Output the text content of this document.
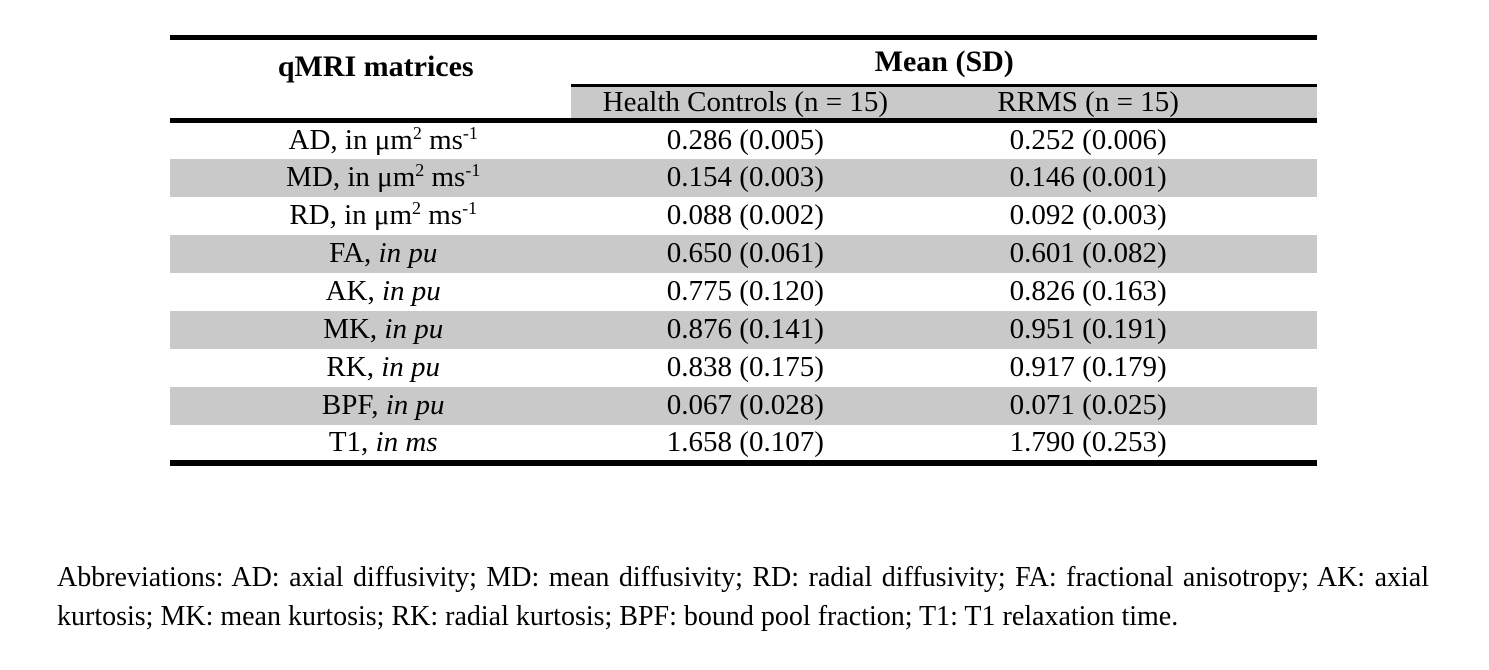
qMRI matrices	Mean (SD)	
	Health Controls (n = 15)	RRMS (n = 15)
AD, in $\mu m^2$ $ms^{-1}$	0.286 (0.005)	0.252 (0.006)
MD, in $\mu m^2$ $ms^{-1}$	0.154 (0.003)	0.146 (0.001)
RD, in $\mu m^2$ $ms^{-1}$	0.088 (0.002)	0.092 (0.003)
FA, in pu	0.650 (0.061)	0.601 (0.082)
AK, in pu	0.775 (0.120)	0.826 (0.163)
MK, in pu	0.876 (0.141)	0.951 (0.191)
RK, in pu	0.838 (0.175)	0.917 (0.179)
BPF, in pu	0.067 (0.028)	0.071 (0.025)
T1, in ms	1.658 (0.107)	1.790 (0.253)

Abbreviations: AD: axial diffusivity; MD: mean diffusivity; RD: radial diffusivity; FA: fractional anisotropy; AK: axial kurtosis; MK: mean kurtosis; RK: radial kurtosis; BPF: bound pool fraction; T1: T1 relaxation time.
